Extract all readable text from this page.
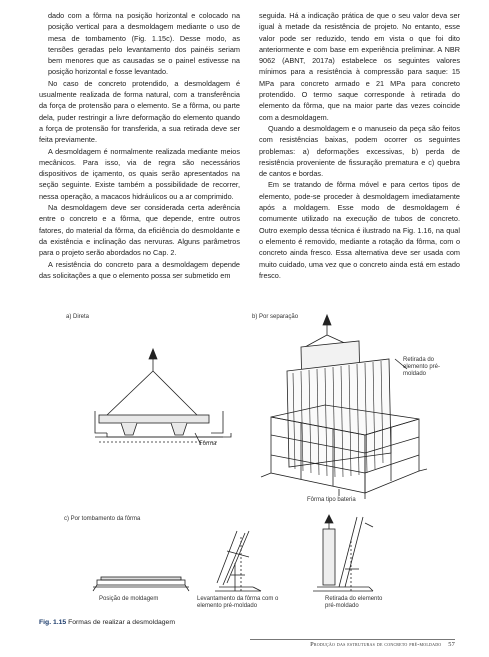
dado com a fôrma na posição horizontal e colocado na posição vertical para a desmoldagem mediante o uso de mesa de tombamento (Fig. 1.15c). Desse modo, as tensões geradas pelo levantamento dos painéis seriam bem menores que as causadas se o painel estivesse na posição horizontal e fosse levantado.

No caso de concreto protendido, a desmoldagem é usualmente realizada de forma natural, com a transferência da força de protensão para o elemento. Se a fôrma, ou parte dela, puder restringir a livre deformação do elemento quando a força de protensão for transferida, a sua retirada deve ser feita previamente.

A desmoldagem é normalmente realizada mediante meios mecânicos. Para isso, via de regra são necessários dispositivos de içamento, os quais serão apresentados na seção seguinte. Existe também a possibilidade de recorrer, nessa operação, a macacos hidráulicos ou a ar comprimido.

Na desmoldagem deve ser considerada certa aderência entre o concreto e a fôrma, que depende, entre outros fatores, do material da fôrma, da eficiência do desmoldante e da existência e inclinação das nervuras. Alguns parâmetros para o projeto serão abordados no Cap. 2.

A resistência do concreto para a desmoldagem depende das solicitações a que o elemento possa ser submetido em

seguida. Há a indicação prática de que o seu valor deva ser igual à metade da resistência de projeto. No entanto, esse valor pode ser reduzido, tendo em vista o que foi dito anteriormente e com base em experiência preliminar. A NBR 9062 (ABNT, 2017a) estabelece os seguintes valores mínimos para a resistência à compressão para saque: 15 MPa para concreto armado e 21 MPa para concreto protendido. O termo saque corresponde à retirada do elemento da fôrma, que na maior parte das vezes coincide com a desmoldagem.

Quando a desmoldagem e o manuseio da peça são feitos com resistências baixas, podem ocorrer os seguintes problemas: a) deformações excessivas, b) perda de resistência proveniente de fissuração prematura e c) quebra de cantos e bordas.

Em se tratando de fôrma móvel e para certos tipos de elemento, pode-se proceder à desmoldagem imediatamente após a moldagem. Esse modo de desmoldagem é comumente utilizado na execução de tubos de concreto. Outro exemplo dessa técnica é ilustrado na Fig. 1.16, na qual o elemento é removido, mediante a rotação da fôrma, com o concreto ainda fresco. Essa alternativa deve ser usada com muito cuidado, uma vez que o concreto ainda está em estado fresco.

a) Direta	b) Por separação
Fôrma
Retirada do elemento pré-moldado
Fôrma tipo bateria
c) Por tombamento da fôrma
Posição de moldagem	Levantamento da fôrma com o elemento pré-moldado
Retirada do elemento pré-moldado
Fig. 1.15 Formas de realizar a desmoldagem
Produção das estruturas de concreto pré-moldado 57
